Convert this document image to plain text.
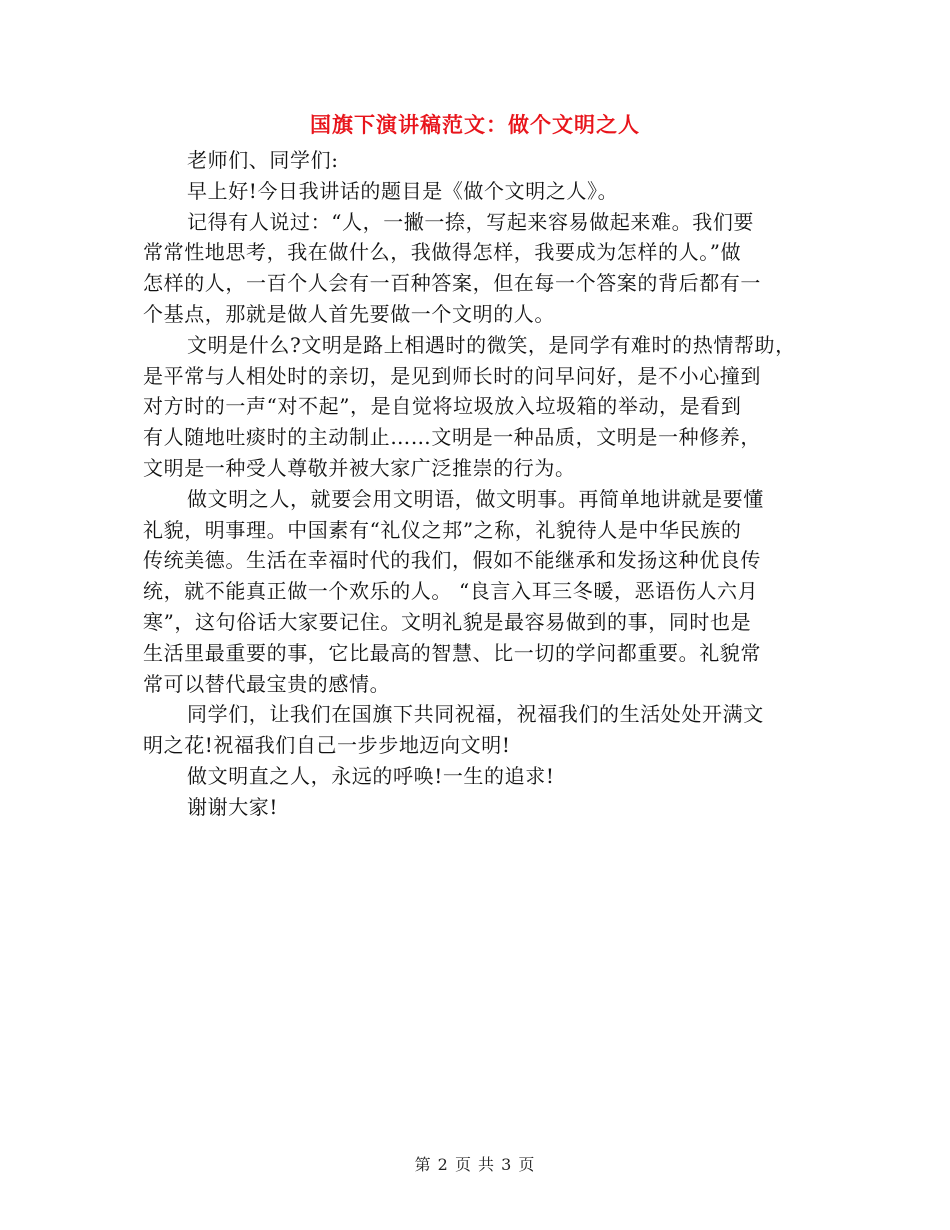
国旗下演讲稿范文：做个文明之人
老师们、同学们:
早上好!今日我讲话的题目是《做个文明之人》。
记得有人说过：“人，一撇一捺，写起来容易做起来难。我们要
常常性地思考，我在做什么，我做得怎样，我要成为怎样的人。”做
怎样的人，一百个人会有一百种答案，但在每一个答案的背后都有一
个基点，那就是做人首先要做一个文明的人。
文明是什么?文明是路上相遇时的微笑，是同学有难时的热情帮助，
是平常与人相处时的亲切，是见到师长时的问早问好，是不小心撞到
对方时的一声“对不起”，是自觉将垃圾放入垃圾箱的举动，是看到
有人随地吐痰时的主动制止……文明是一种品质，文明是一种修养，
文明是一种受人尊敬并被大家广泛推崇的行为。
做文明之人，就要会用文明语，做文明事。再简单地讲就是要懂
礼貌，明事理。中国素有“礼仪之邦”之称，礼貌待人是中华民族的
传统美德。生活在幸福时代的我们，假如不能继承和发扬这种优良传
统，就不能真正做一个欢乐的人。 “良言入耳三冬暖，恶语伤人六月
寒”，这句俗话大家要记住。文明礼貌是最容易做到的事，同时也是
生活里最重要的事，它比最高的智慧、比一切的学问都重要。礼貌常
常可以替代最宝贵的感情。
同学们，让我们在国旗下共同祝福，祝福我们的生活处处开满文
明之花!祝福我们自己一步步地迈向文明!
做文明直之人，永远的呼唤!一生的追求!
谢谢大家!
第 2 页 共 3 页
